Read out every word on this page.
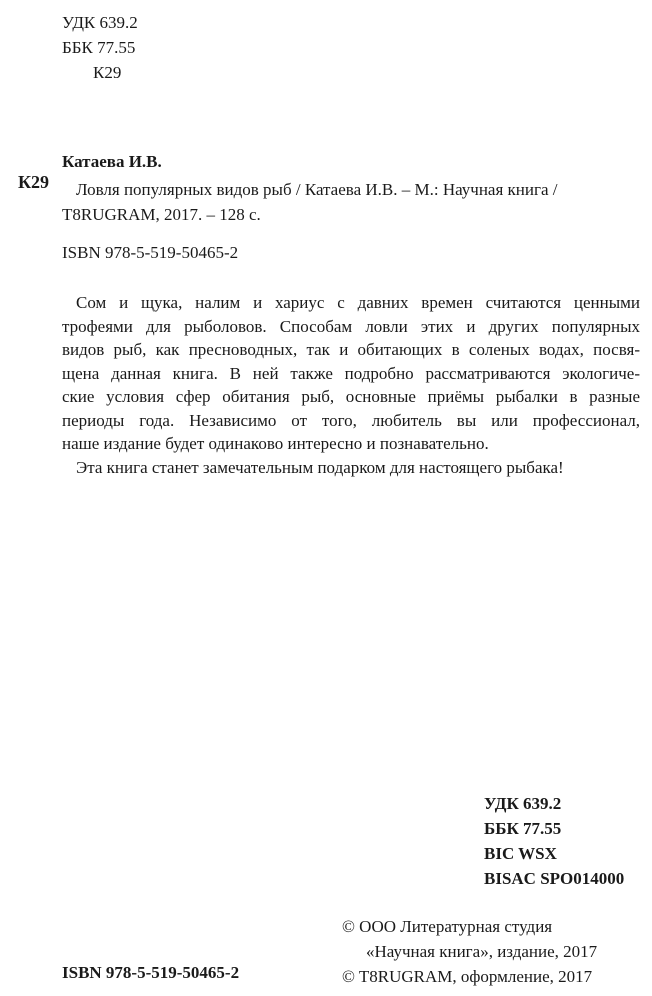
УДК 639.2
ББК 77.55
К29
К29
Катаева И.В.
Ловля популярных видов рыб / Катаева И.В. – М.: Научная книга /
T8RUGRAM, 2017. – 128 с.
ISBN 978-5-519-50465-2
Сом и щука, налим и хариус с давних времен считаются ценными
трофеями для рыболовов. Способам ловли этих и других популярных
видов рыб, как пресноводных, так и обитающих в соленых водах, посвя-
щена данная книга. В ней также подробно рассматриваются экологиче-
ские условия сфер обитания рыб, основные приёмы рыбалки в разные
периоды года. Независимо от того, любитель вы или профессионал,
наше издание будет одинаково интересно и познавательно.
Эта книга станет замечательным подарком для настоящего рыбака!
УДК 639.2
ББК 77.55
BIC WSX
BISAC SPO014000
© ООО Литературная студия
«Научная книга», издание, 2017
© T8RUGRAM, оформление, 2017
ISBN 978-5-519-50465-2
